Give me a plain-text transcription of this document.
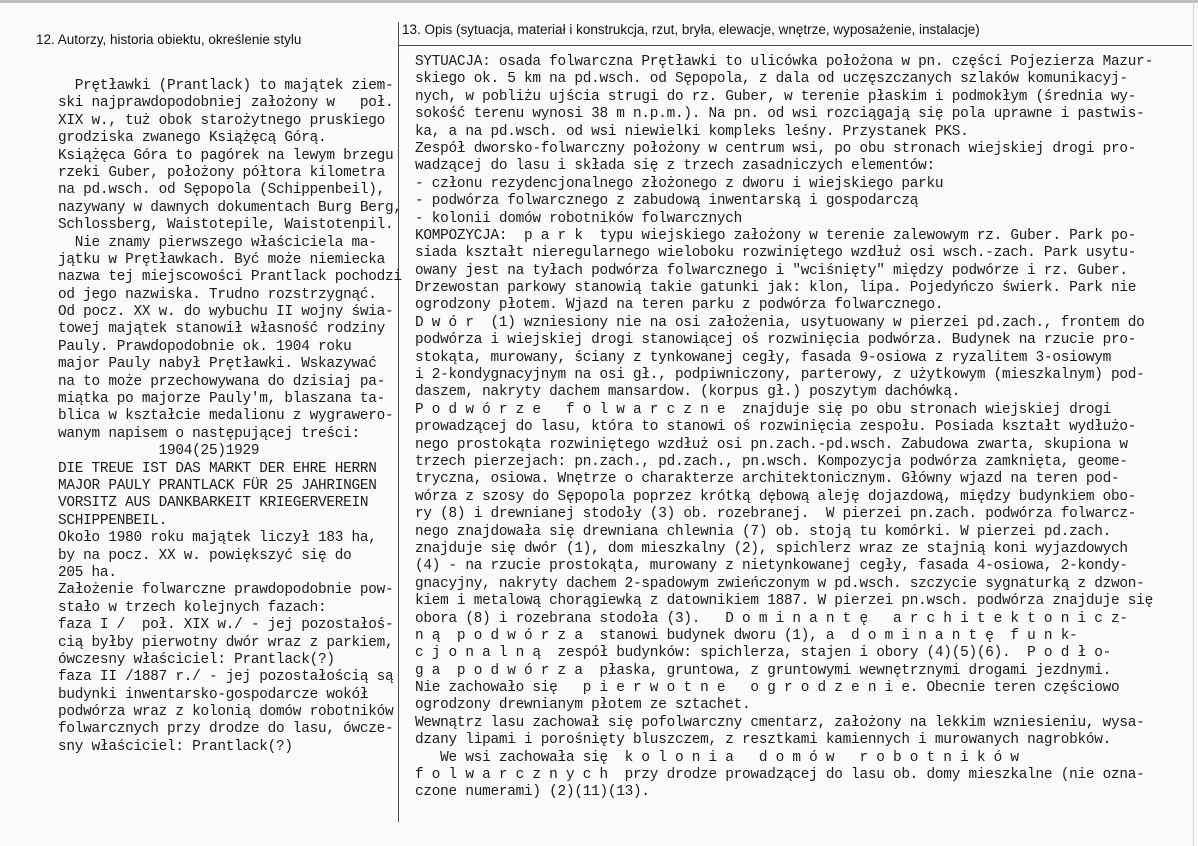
12. Autorzy, historia obiektu, określenie stylu
13. Opis (sytuacja, materiał i konstrukcja, rzut, bryła, elewacje, wnętrze, wyposażenie, instalacje)
Prętławki (Prantlack) to majątek ziem-
ski najprawdopodobniej założony w   poł.
XIX w., tuż obok starożytnego pruskiego
grodziska zwanego Książęcą Górą.
Książęca Góra to pagórek na lewym brzegu
rzeki Guber, położony półtora kilometra
na pd.wsch. od Sępopola (Schippenbeil),
nazywany w dawnych dokumentach Burg Berg,
Schlossberg, Waistotepile, Waistotenpil.
Nie znamy pierwszego właściciela ma-
jątku w Prętławkach. Być może niemiecka
nazwa tej miejscowości Prantlack pochodzi
od jego nazwiska. Trudno rozstrzygnąć.
Od pocz. XX w. do wybuchu II wojny świa-
towej majątek stanowił własność rodziny
Pauly. Prawdopodobnie ok. 1904 roku
major Pauly nabył Prętławki. Wskazywać
na to może przechowywana do dzisiaj pa-
miątka po majorze Pauly'm, blaszana ta-
blica w kształcie medalionu z wygrawero-
wanym napisem o następującej treści:
1904(25)1929
DIE TREUE IST DAS MARKT DER EHRE HERRN
MAJOR PAULY PRANTLACK FÜR 25 JAHRINGEN
VORSITZ AUS DANKBARKEIT KRIEGERVEREIN
SCHIPPENBEIL.
Około 1980 roku majątek liczył 183 ha,
by na pocz. XX w. powiększyć się do
205 ha.
Założenie folwarczne prawdopodobnie pow-
stało w trzech kolejnych fazach:
faza I /  poł. XIX w./ - jej pozostałoś-
cią byłby pierwotny dwór wraz z parkiem,
ówczesny właściciel: Prantlack(?)
faza II /1887 r./ - jej pozostałością są
budynki inwentarsko-gospodarcze wokół
podwórza wraz z kolonią domów robotników
folwarcznych przy drodze do lasu, ówcze-
sny właściciel: Prantlack(?)
SYTUACJA: osada folwarczna Prętławki to ulicówka położona w pn. części Pojezierza Mazur-
skiego ok. 5 km na pd.wsch. od Sępopola, z dala od uczęszczanych szlaków komunikacyj-
nych, w pobliżu ujścia strugi do rz. Guber, w terenie płaskim i podmokłym (średnia wy-
sokość terenu wynosi 38 m n.p.m.). Na pn. od wsi rozciągają się pola uprawne i pastwis-
ka, a na pd.wsch. od wsi niewielki kompleks leśny. Przystanek PKS.
Zespół dworsko-folwarczny położony w centrum wsi, po obu stronach wiejskiej drogi pro-
wadzącej do lasu i składa się z trzech zasadniczych elementów:
- członu rezydencjonalnego złożonego z dworu i wiejskiego parku
- podwórza folwarcznego z zabudową inwentarską i gospodarczą
- kolonii domów robotników folwarcznych
KOMPOZYCJA:  p a r k  typu wiejskiego założony w terenie zalewowym rz. Guber. Park po-
siada kształt nieregularnego wieloboku rozwiniętego wzdłuż osi wsch.-zach. Park usytu-
owany jest na tyłach podwórza folwarcznego i "wciśnięty" między podwórze i rz. Guber.
Drzewostan parkowy stanowią takie gatunki jak: klon, lipa. Pojedyńczo świerk. Park nie
ogrodzony płotem. Wjazd na teren parku z podwórza folwarcznego.
D w ó r  (1) wzniesiony nie na osi założenia, usytuowany w pierzei pd.zach., frontem do
podwórza i wiejskiej drogi stanowiącej oś rozwinięcia podwórza. Budynek na rzucie pro-
stokąta, murowany, ściany z tynkowanej cegły, fasada 9-osiowa z ryzalitem 3-osiowym
i 2-kondygnacyjnym na osi gł., podpiwniczony, parterowy, z użytkowym (mieszkalnym) pod-
daszem, nakryty dachem mansardow. (korpus gł.) poszytym dachówką.
P o d w ó r z e   f o l w a r c z n e  znajduje się po obu stronach wiejskiej drogi
prowadzącej do lasu, która to stanowi oś rozwinięcia zespołu. Posiada kształt wydłużo-
nego prostokąta rozwiniętego wzdłuż osi pn.zach.-pd.wsch. Zabudowa zwarta, skupiona w
trzech pierzejach: pn.zach., pd.zach., pn.wsch. Kompozycja podwórza zamknięta, geome-
tryczna, osiowa. Wnętrze o charakterze architektonicznym. Główny wjazd na teren pod-
wórza z szosy do Sępopola poprzez krótką dębową aleję dojazdową, między budynkiem obo-
ry (8) i drewnianej stodoły (3) ob. rozebranej.  W pierzei pn.zach. podwórza folwarcz-
nego znajdowała się drewniana chlewnia (7) ob. stoją tu komórki. W pierzei pd.zach.
znajduje się dwór (1), dom mieszkalny (2), spichlerz wraz ze stajnią koni wyjazdowych
(4) - na rzucie prostokąta, murowany z nietynkowanej cegły, fasada 4-osiowa, 2-kondy-
gnacyjny, nakryty dachem 2-spadowym zwieńczonym w pd.wsch. szczycie sygnaturką z dzwon-
kiem i metalową chorągiewką z datownikiem 1887. W pierzei pn.wsch. podwórza znajduje się
obora (8) i rozebrana stodoła (3).   D o m i n a n t ę   a r c h i t e k t o n i c z-
n ą  p o d w ó r z a  stanowi budynek dworu (1), a  d o m i n a n t ę  f u n k-
c j o n a l n ą  zespół budynków: spichlerza, stajen i obory (4)(5)(6).  P o d ł o-
g a  p o d w ó r z a  płaska, gruntowa, z gruntowymi wewnętrznymi drogami jezdnymi.
Nie zachowało się   p i e r w o t n e   o g r o d z e n i e. Obecnie teren częściowo
ogrodzony drewnianym płotem ze sztachet.
Wewnątrz lasu zachował się pofolwarczny cmentarz, założony na lekkim wzniesieniu, wysa-
dzany lipami i porośnięty bluszczem, z resztkami kamiennych i murowanych nagrobków.
We wsi zachowała się  k o l o n i a   d o m ó w   r o b o t n i k ó w
f o l w a r c z n y c h  przy drodze prowadzącej do lasu ob. domy mieszkalne (nie ozna-
czone numerami) (2)(11)(13).
